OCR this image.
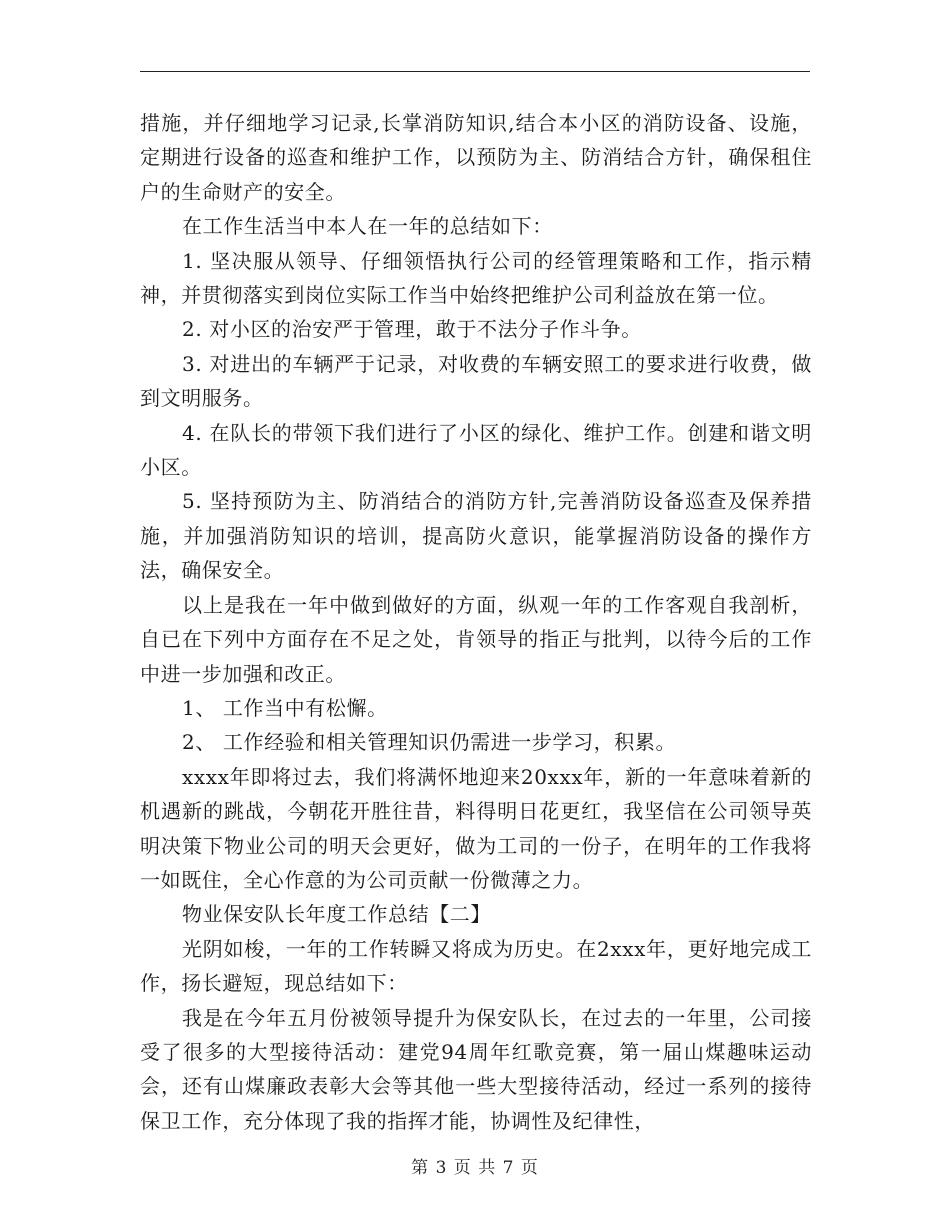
措施，并仔细地学习记录,长掌消防知识,结合本小区的消防设备、设施，定期进行设备的巡查和维护工作，以预防为主、防消结合方针，确保租住户的生命财产的安全。

在工作生活当中本人在一年的总结如下：

1. 坚决服从领导、仔细领悟执行公司的经管理策略和工作，指示精神，并贯彻落实到岗位实际工作当中始终把维护公司利益放在第一位。

2. 对小区的治安严于管理，敢于不法分子作斗争。

3. 对进出的车辆严于记录，对收费的车辆安照工的要求进行收费，做到文明服务。

4. 在队长的带领下我们进行了小区的绿化、维护工作。创建和谐文明小区。

5. 坚持预防为主、防消结合的消防方针,完善消防设备巡查及保养措施，并加强消防知识的培训，提高防火意识，能掌握消防设备的操作方法，确保安全。

以上是我在一年中做到做好的方面，纵观一年的工作客观自我剖析，自已在下列中方面存在不足之处，肯领导的指正与批判，以待今后的工作中进一步加强和改正。

1、 工作当中有松懈。

2、 工作经验和相关管理知识仍需进一步学习，积累。

xxxx年即将过去，我们将满怀地迎来20xxx年，新的一年意味着新的机遇新的跳战，今朝花开胜往昔，料得明日花更红，我坚信在公司领导英明决策下物业公司的明天会更好，做为工司的一份子，在明年的工作我将一如既住，全心作意的为公司贡献一份微薄之力。

物业保安队长年度工作总结【二】

光阴如梭，一年的工作转瞬又将成为历史。在2xxx年，更好地完成工作，扬长避短，现总结如下：

我是在今年五月份被领导提升为保安队长，在过去的一年里，公司接受了很多的大型接待活动：建党94周年红歌竞赛，第一届山煤趣味运动会，还有山煤廉政表彰大会等其他一些大型接待活动，经过一系列的接待保卫工作，充分体现了我的指挥才能，协调性及纪律性，

第 3 页 共 7 页
